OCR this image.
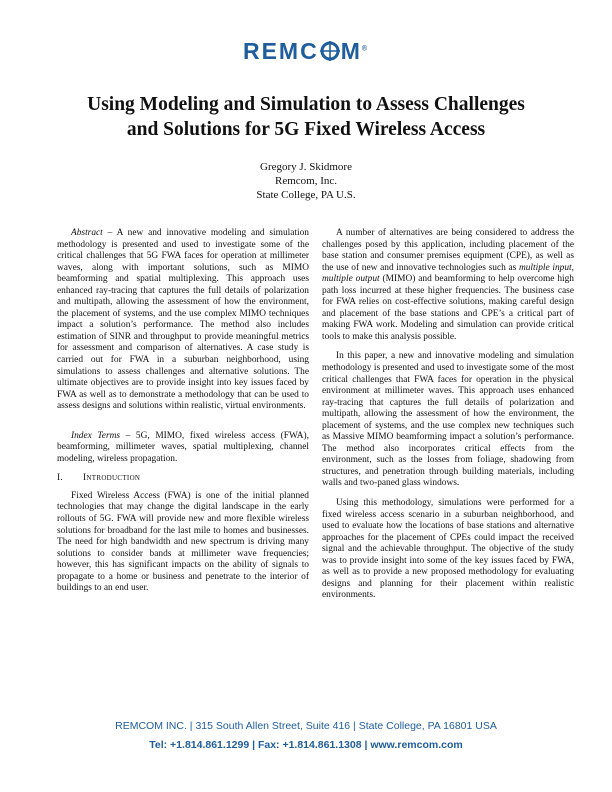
REMC M®
Using Modeling and Simulation to Assess Challenges
and Solutions for 5G Fixed Wireless Access
Gregory J. Skidmore
Remcom, Inc.
State College, PA U.S.

Abstract – A new and innovative modeling and simulation methodology is presented and used to investigate some of the critical challenges that 5G FWA faces for operation at millimeter waves, along with important solutions, such as MIMO beamforming and spatial multiplexing. This approach uses enhanced ray-tracing that captures the full details of polarization and multipath, allowing the assessment of how the environment, the placement of systems, and the use complex MIMO techniques impact a solution’s performance. The method also includes estimation of SINR and throughput to provide meaningful metrics for assessment and comparison of alternatives. A case study is carried out for FWA in a suburban neighborhood, using simulations to assess challenges and alternative solutions. The ultimate objectives are to provide insight into key issues faced by FWA as well as to demonstrate a methodology that can be used to assess designs and solutions within realistic, virtual environments.

Index Terms – 5G, MIMO, fixed wireless access (FWA), beamforming, millimeter waves, spatial multiplexing, channel modeling, wireless propagation.

I. Introduction

Fixed Wireless Access (FWA) is one of the initial planned technologies that may change the digital landscape in the early rollouts of 5G. FWA will provide new and more flexible wireless solutions for broadband for the last mile to homes and businesses. The need for high bandwidth and new spectrum is driving many solutions to consider bands at millimeter wave frequencies; however, this has significant impacts on the ability of signals to propagate to a home or business and penetrate to the interior of buildings to an end user.

A number of alternatives are being considered to address the challenges posed by this application, including placement of the base station and consumer premises equipment (CPE), as well as the use of new and innovative technologies such as multiple input, multiple output (MIMO) and beamforming to help overcome high path loss incurred at these higher frequencies. The business case for FWA relies on cost-effective solutions, making careful design and placement of the base stations and CPE’s a critical part of making FWA work. Modeling and simulation can provide critical tools to make this analysis possible.

In this paper, a new and innovative modeling and simulation methodology is presented and used to investigate some of the most critical challenges that FWA faces for operation in the physical environment at millimeter waves. This approach uses enhanced ray-tracing that captures the full details of polarization and multipath, allowing the assessment of how the environment, the placement of systems, and the use complex new techniques such as Massive MIMO beamforming impact a solution’s performance. The method also incorporates critical effects from the environment, such as the losses from foliage, shadowing from structures, and penetration through building materials, including walls and two-paned glass windows.

Using this methodology, simulations were performed for a fixed wireless access scenario in a suburban neighborhood, and used to evaluate how the locations of base stations and alternative approaches for the placement of CPEs could impact the received signal and the achievable throughput. The objective of the study was to provide insight into some of the key issues faced by FWA, as well as to provide a new proposed methodology for evaluating designs and planning for their placement within realistic environments.

REMCOM INC. | 315 South Allen Street, Suite 416 | State College, PA 16801 USA
Tel: +1.814.861.1299 | Fax: +1.814.861.1308 | www.remcom.com
